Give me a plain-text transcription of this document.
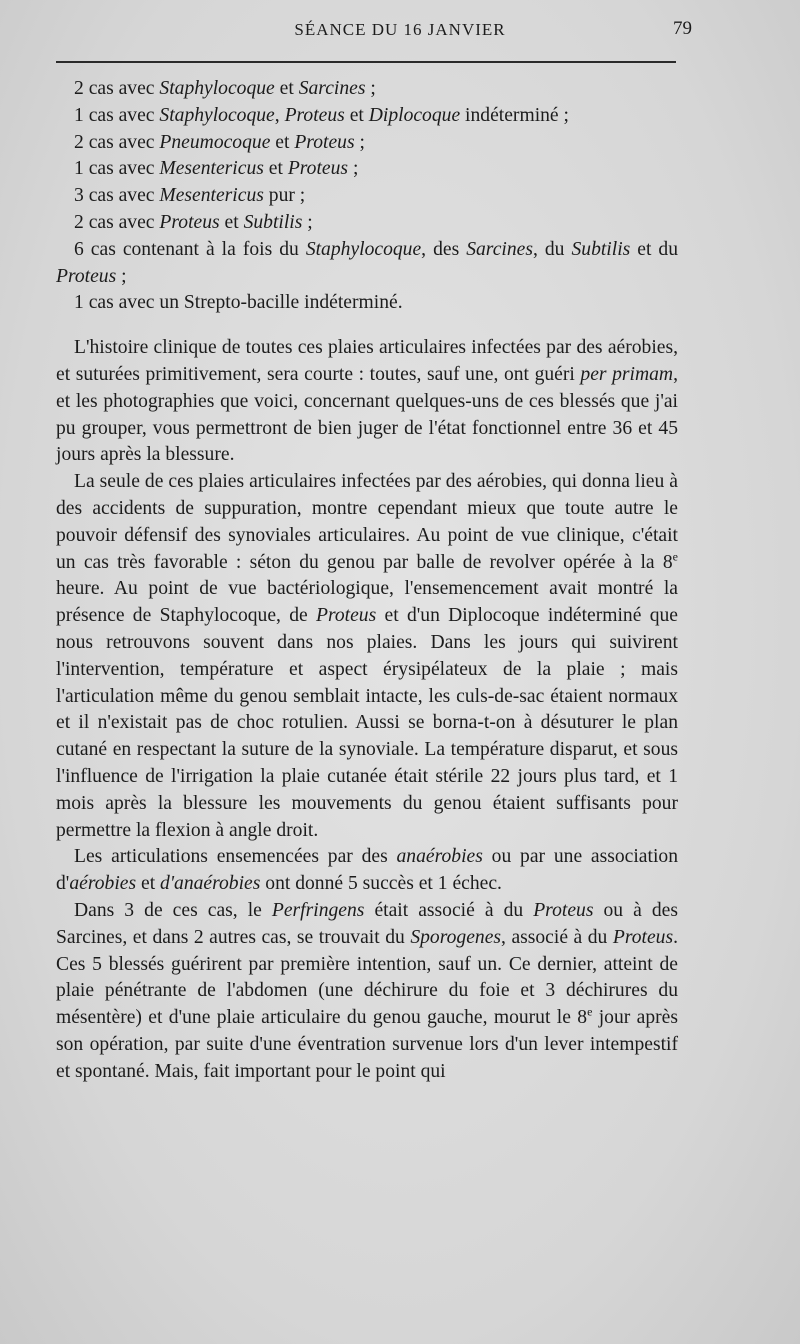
SÉANCE DU 16 JANVIER	79
2 cas avec Staphylocoque et Sarcines ;
1 cas avec Staphylocoque, Proteus et Diplocoque indéterminé ;
2 cas avec Pneumocoque et Proteus ;
1 cas avec Mesentericus et Proteus ;
3 cas avec Mesentericus pur ;
2 cas avec Proteus et Subtilis ;
6 cas contenant à la fois du Staphylocoque, des Sarcines, du Subtilis et du Proteus ;
1 cas avec un Strepto-bacille indéterminé.

L'histoire clinique de toutes ces plaies articulaires infectées par des aérobies, et suturées primitivement, sera courte : toutes, sauf une, ont guéri per primam, et les photographies que voici, concernant quelques-uns de ces blessés que j'ai pu grouper, vous permettront de bien juger de l'état fonctionnel entre 36 et 45 jours après la blessure.

La seule de ces plaies articulaires infectées par des aérobies, qui donna lieu à des accidents de suppuration, montre cependant mieux que toute autre le pouvoir défensif des synoviales articulaires. Au point de vue clinique, c'était un cas très favorable : séton du genou par balle de revolver opérée à la 8e heure. Au point de vue bactériologique, l'ensemencement avait montré la présence de Staphylocoque, de Proteus et d'un Diplocoque indéterminé que nous retrouvons souvent dans nos plaies. Dans les jours qui suivirent l'intervention, température et aspect érysipélateux de la plaie ; mais l'articulation même du genou semblait intacte, les culs-de-sac étaient normaux et il n'existait pas de choc rotulien. Aussi se borna-t-on à désuturer le plan cutané en respectant la suture de la synoviale. La température disparut, et sous l'influence de l'irrigation la plaie cutanée était stérile 22 jours plus tard, et 1 mois après la blessure les mouvements du genou étaient suffisants pour permettre la flexion à angle droit.

Les articulations ensemencées par des anaérobies ou par une association d'aérobies et d'anaérobies ont donné 5 succès et 1 échec.

Dans 3 de ces cas, le Perfringens était associé à du Proteus ou à des Sarcines, et dans 2 autres cas, se trouvait du Sporogenes, associé à du Proteus. Ces 5 blessés guérirent par première intention, sauf un. Ce dernier, atteint de plaie pénétrante de l'abdomen (une déchirure du foie et 3 déchirures du mésentère) et d'une plaie articulaire du genou gauche, mourut le 8e jour après son opération, par suite d'une éventration survenue lors d'un lever intempestif et spontané. Mais, fait important pour le point qui
